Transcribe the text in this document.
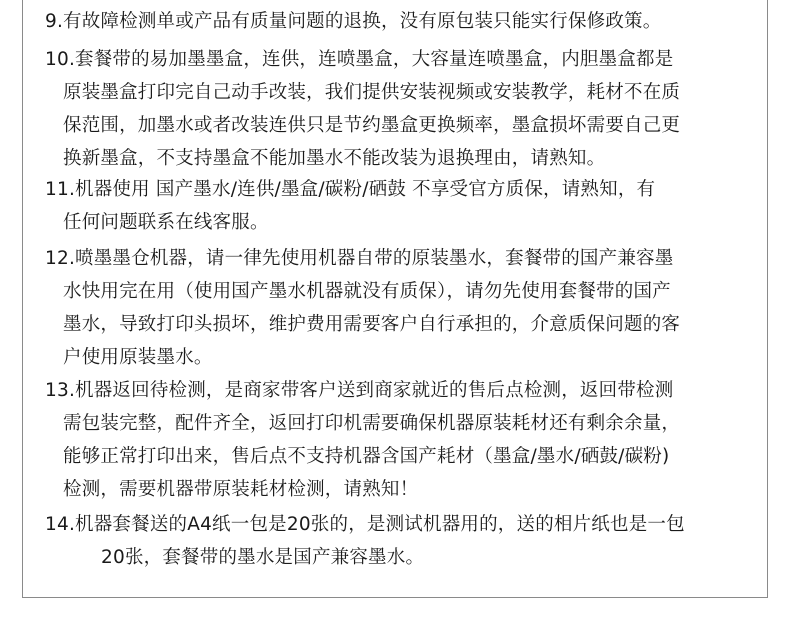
9.有故障检测单或产品有质量问题的退换，没有原包装只能实行保修政策。
10.套餐带的易加墨墨盒，连供，连喷墨盒，大容量连喷墨盒，内胆墨盒都是
原装墨盒打印完自己动手改装，我们提供安装视频或安装教学，耗材不在质
保范围，加墨水或者改装连供只是节约墨盒更换频率，墨盒损坏需要自己更
换新墨盒，不支持墨盒不能加墨水不能改装为退换理由，请熟知。
11.机器使用 国产墨水/连供/墨盒/碳粉/硒鼓 不享受官方质保，请熟知，有
任何问题联系在线客服。
12.喷墨墨仓机器，请一律先使用机器自带的原装墨水，套餐带的国产兼容墨
水快用完在用（使用国产墨水机器就没有质保），请勿先使用套餐带的国产
墨水，导致打印头损坏，维护费用需要客户自行承担的，介意质保问题的客
户使用原装墨水。
13.机器返回待检测，是商家带客户送到商家就近的售后点检测，返回带检测
需包装完整，配件齐全，返回打印机需要确保机器原装耗材还有剩余余量，
能够正常打印出来，售后点不支持机器含国产耗材（墨盒/墨水/硒鼓/碳粉)
检测，需要机器带原装耗材检测，请熟知！
14.机器套餐送的A4纸一包是20张的，是测试机器用的，送的相片纸也是一包
20张，套餐带的墨水是国产兼容墨水。
